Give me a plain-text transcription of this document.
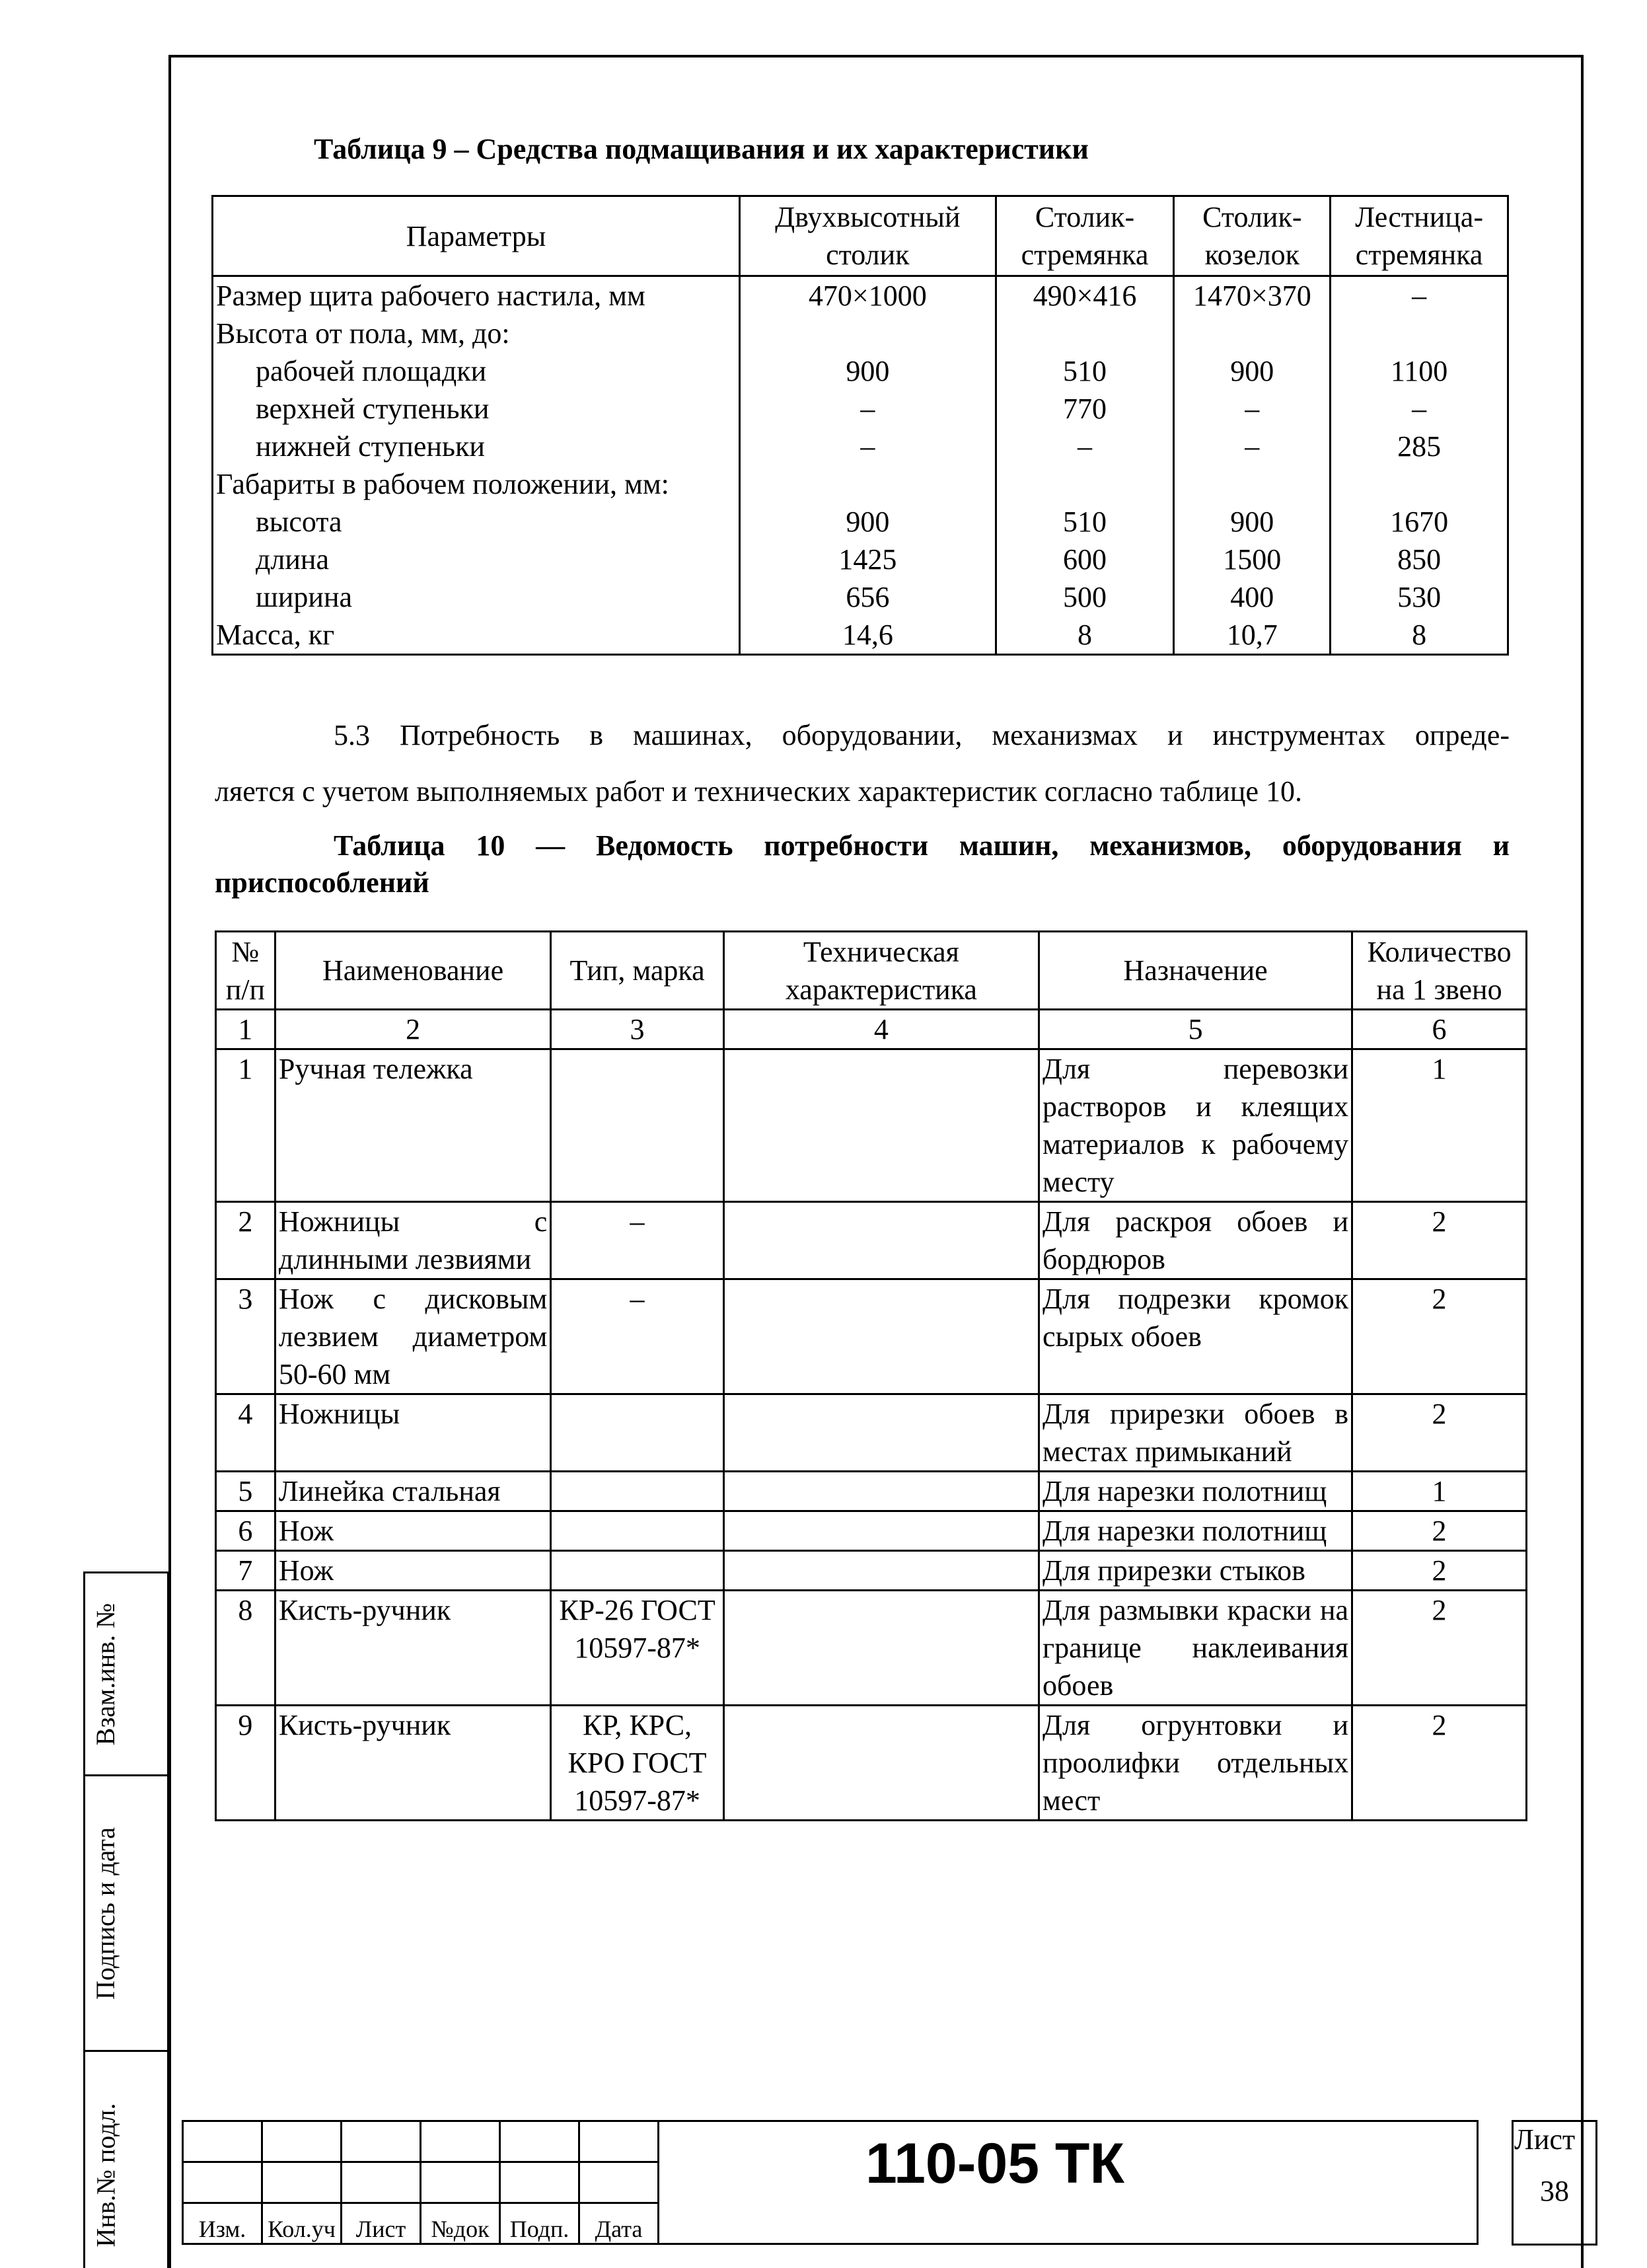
Таблица 9 – Средства подмащивания и их характеристики
Параметры	Двухвысотный столик	Столик-стремянка	Столик-козелок	Лестница-стремянка
Размер щита рабочего настила, мм	470×1000	490×416	1470×370	–
Высота от пола, мм, до:				
рабочей площадки	900	510	900	1100
верхней ступеньки	–	770	–	–
нижней ступеньки	–	–	–	285
Габариты в рабочем положении, мм:				
высота	900	510	900	1670
длина	1425	600	1500	850
ширина	656	500	400	530
Масса, кг	14,6	8	10,7	8
5.3 Потребность в машинах, оборудовании, механизмах и инструментах опреде-
ляется с учетом выполняемых работ и технических характеристик согласно таблице 10.
Таблица 10 — Ведомость потребности машин, механизмов, оборудования и приспособлений
№ п/п	Наименование	Тип, марка	Техническая характеристика	Назначение	Количество на 1 звено
1	2	3	4	5	6
1	Ручная тележка			Для перевозки растворов и клеящих материалов к рабочему месту	1
2	Ножницы с длинными лезвиями	–		Для раскроя обоев и бордюров	2
3	Нож с дисковым лезвием диаметром 50-60 мм	–		Для подрезки кромок сырых обоев	2
4	Ножницы			Для прирезки обоев в местах примыканий	2
5	Линейка стальная			Для нарезки полотнищ	1
6	Нож			Для нарезки полотнищ	2
7	Нож			Для прирезки стыков	2
8	Кисть-ручник	КР-26 ГОСТ 10597-87*		Для размывки краски на границе наклеивания обоев	2
9	Кисть-ручник	КР, КРС, КРО ГОСТ 10597-87*		Для огрунтовки и проолифки отдельных мест	2
Взам.инв. №
Подпись и дата
Инв.№ подл.

							Изм.	Кол.уч	Лист	№док	Подп.	Дата	
110-05 ТК	Лист
38
